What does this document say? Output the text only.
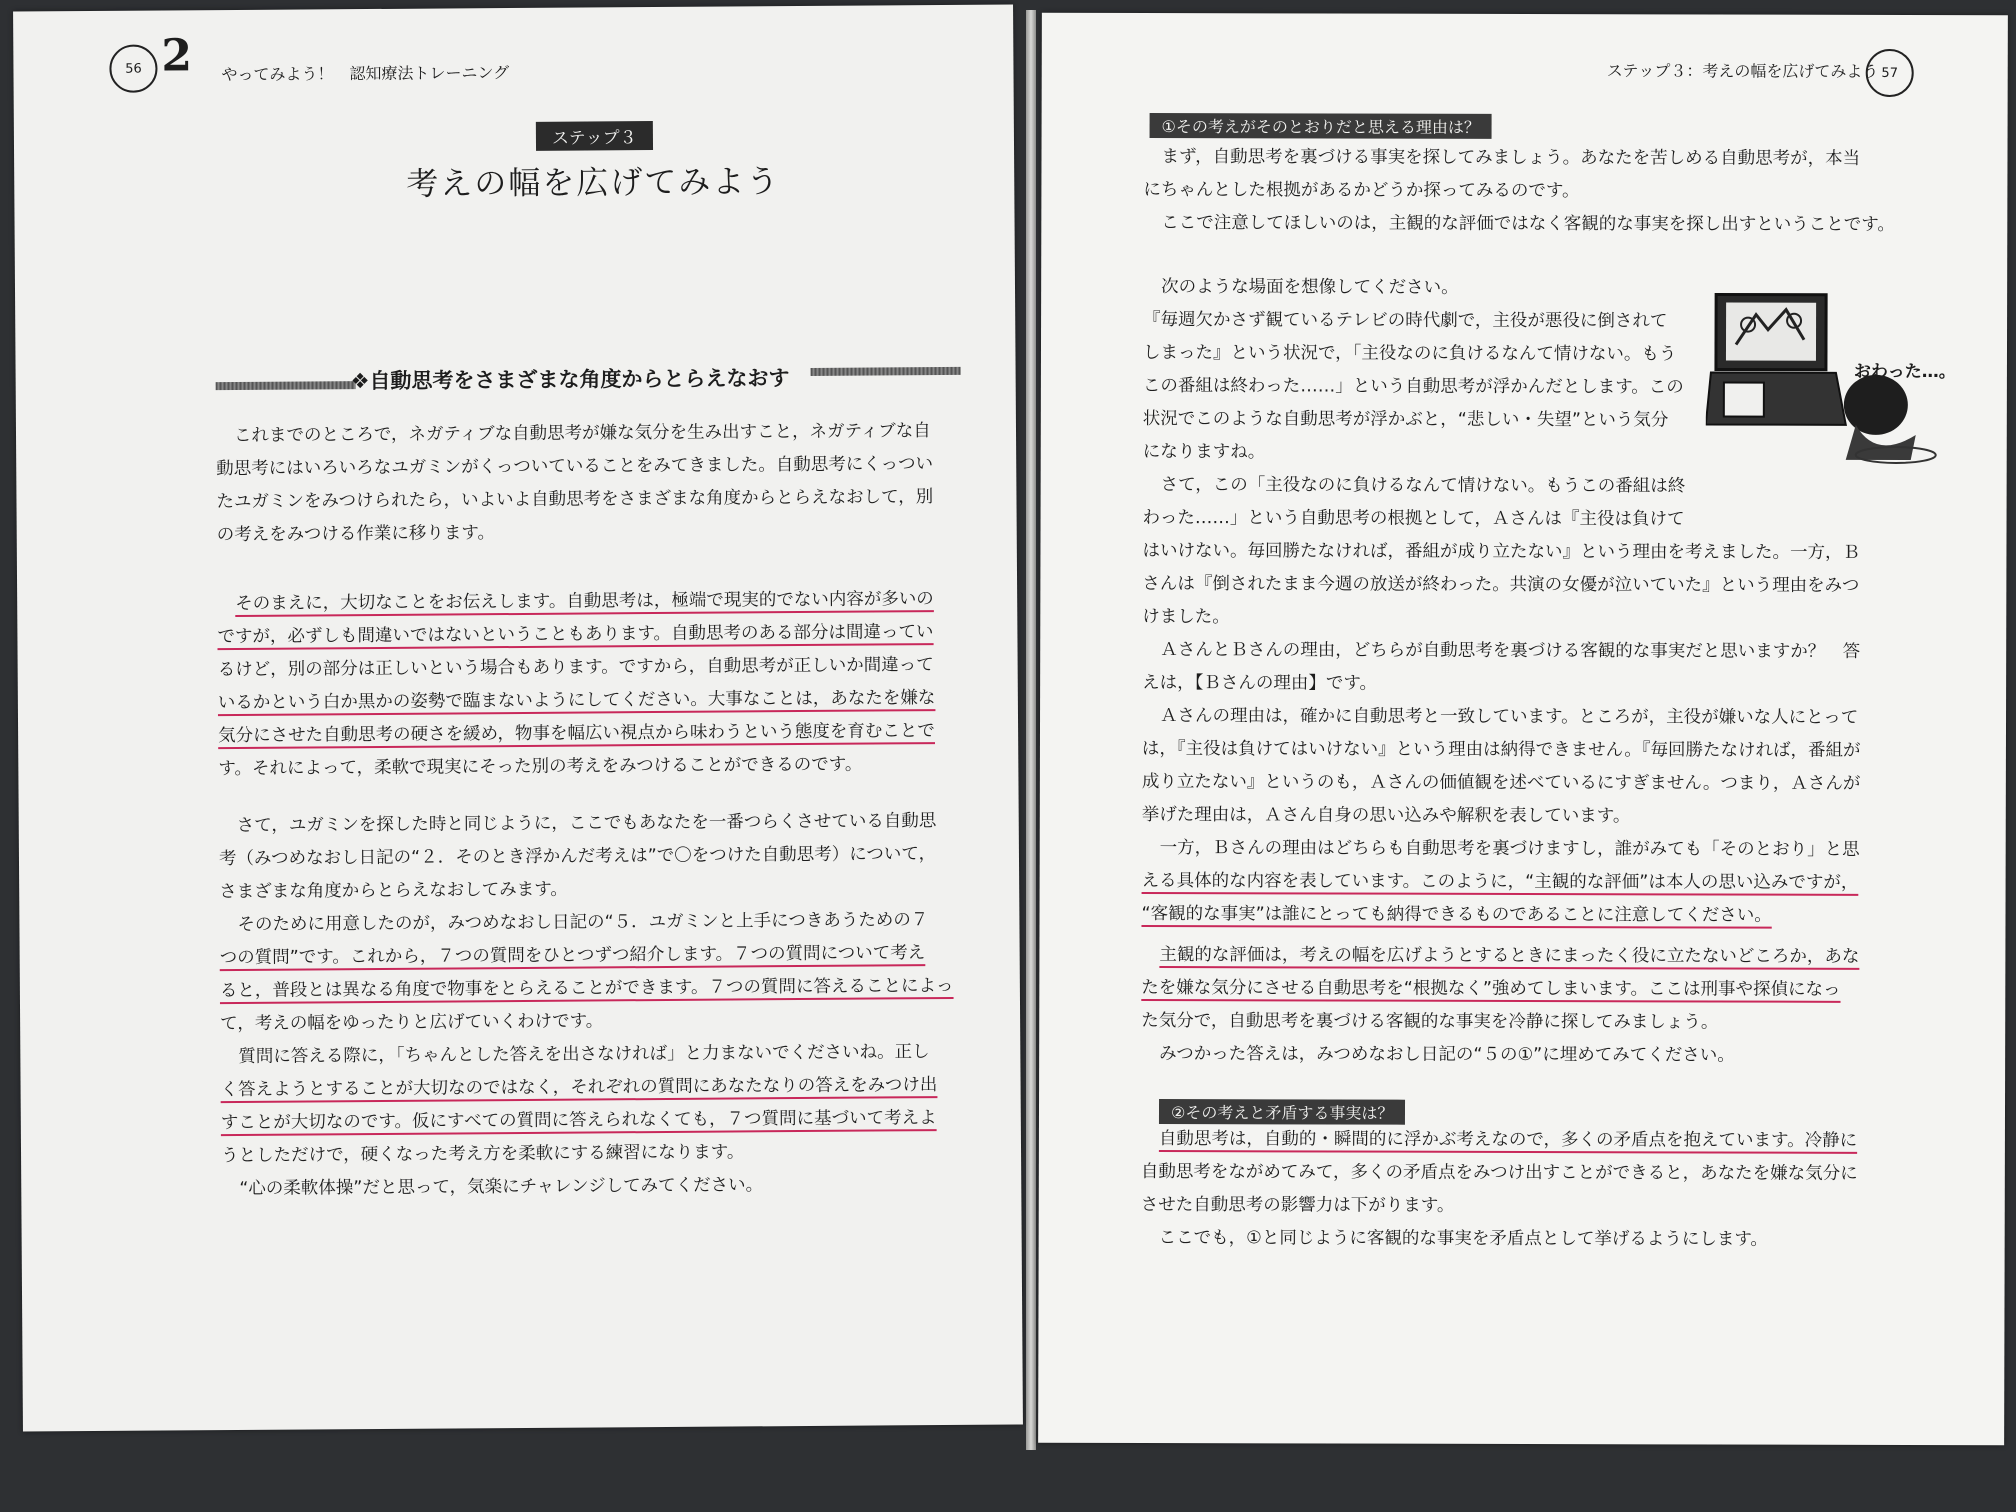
56 2 やってみよう！　認知療法トレーニング
ステップ３
考えの幅を広げてみよう
❖自動思考をさまざまな角度からとらえなおす

これまでのところで，ネガティブな自動思考が嫌な気分を生み出すこと，ネガティブな自

動思考にはいろいろなユガミンがくっついていることをみてきました。自動思考にくっつい

たユガミンをみつけられたら，いよいよ自動思考をさまざまな角度からとらえなおして，別

の考えをみつける作業に移ります。

そのまえに，大切なことをお伝えします。自動思考は，極端で現実的でない内容が多いの

ですが，必ずしも間違いではないということもあります。自動思考のある部分は間違ってい

るけど，別の部分は正しいという場合もあります。ですから，自動思考が正しいか間違って

いるかという白か黒かの姿勢で臨まないようにしてください。大事なことは，あなたを嫌な

気分にさせた自動思考の硬さを緩め，物事を幅広い視点から味わうという態度を育むことで

す。それによって，柔軟で現実にそった別の考えをみつけることができるのです。

さて，ユガミンを探した時と同じように，ここでもあなたを一番つらくさせている自動思

考（みつめなおし日記の“２．そのとき浮かんだ考えは”で〇をつけた自動思考）について，

さまざまな角度からとらえなおしてみます。

そのために用意したのが，みつめなおし日記の“５．ユガミンと上手につきあうための７

つの質問”です。これから，７つの質問をひとつずつ紹介します。７つの質問について考え

ると，普段とは異なる角度で物事をとらえることができます。７つの質問に答えることによっ

て，考えの幅をゆったりと広げていくわけです。

質問に答える際に，「ちゃんとした答えを出さなければ」と力まないでくださいね。正し

く答えようとすることが大切なのではなく，それぞれの質問にあなたなりの答えをみつけ出

すことが大切なのです。仮にすべての質問に答えられなくても，７つ質問に基づいて考えよ

うとしただけで，硬くなった考え方を柔軟にする練習になります。

“心の柔軟体操”だと思って，気楽にチャレンジしてみてください。

ステップ３：考えの幅を広げてみよう 57
①その考えがそのとおりだと思える理由は？

まず，自動思考を裏づける事実を探してみましょう。あなたを苦しめる自動思考が，本当

にちゃんとした根拠があるかどうか探ってみるのです。

ここで注意してほしいのは，主観的な評価ではなく客観的な事実を探し出すということです。

おわった…。

次のような場面を想像してください。

『毎週欠かさず観ているテレビの時代劇で，主役が悪役に倒されて

しまった』という状況で，「主役なのに負けるなんて情けない。もう

この番組は終わった……」という自動思考が浮かんだとします。この

状況でこのような自動思考が浮かぶと，“悲しい・失望”という気分

になりますね。

さて，この「主役なのに負けるなんて情けない。もうこの番組は終

わった……」という自動思考の根拠として，Ａさんは『主役は負けて

はいけない。毎回勝たなければ，番組が成り立たない』という理由を考えました。一方，Ｂ

さんは『倒されたまま今週の放送が終わった。共演の女優が泣いていた』という理由をみつ

けました。

ＡさんとＢさんの理由，どちらが自動思考を裏づける客観的な事実だと思いますか？　答

えは，【Ｂさんの理由】です。

Ａさんの理由は，確かに自動思考と一致しています。ところが，主役が嫌いな人にとって

は，『主役は負けてはいけない』という理由は納得できません。『毎回勝たなければ，番組が

成り立たない』というのも，Ａさんの価値観を述べているにすぎません。つまり，Ａさんが

挙げた理由は，Ａさん自身の思い込みや解釈を表しています。

一方，Ｂさんの理由はどちらも自動思考を裏づけますし，誰がみても「そのとおり」と思

える具体的な内容を表しています。このように，“主観的な評価”は本人の思い込みですが，

“客観的な事実”は誰にとっても納得できるものであることに注意してください。

主観的な評価は，考えの幅を広げようとするときにまったく役に立たないどころか，あな

たを嫌な気分にさせる自動思考を“根拠なく”強めてしまいます。ここは刑事や探偵になっ

た気分で，自動思考を裏づける客観的な事実を冷静に探してみましょう。

みつかった答えは，みつめなおし日記の“５の①”に埋めてみてください。

②その考えと矛盾する事実は？

自動思考は，自動的・瞬間的に浮かぶ考えなので，多くの矛盾点を抱えています。冷静に

自動思考をながめてみて，多くの矛盾点をみつけ出すことができると，あなたを嫌な気分に

させた自動思考の影響力は下がります。

ここでも，①と同じように客観的な事実を矛盾点として挙げるようにします。
